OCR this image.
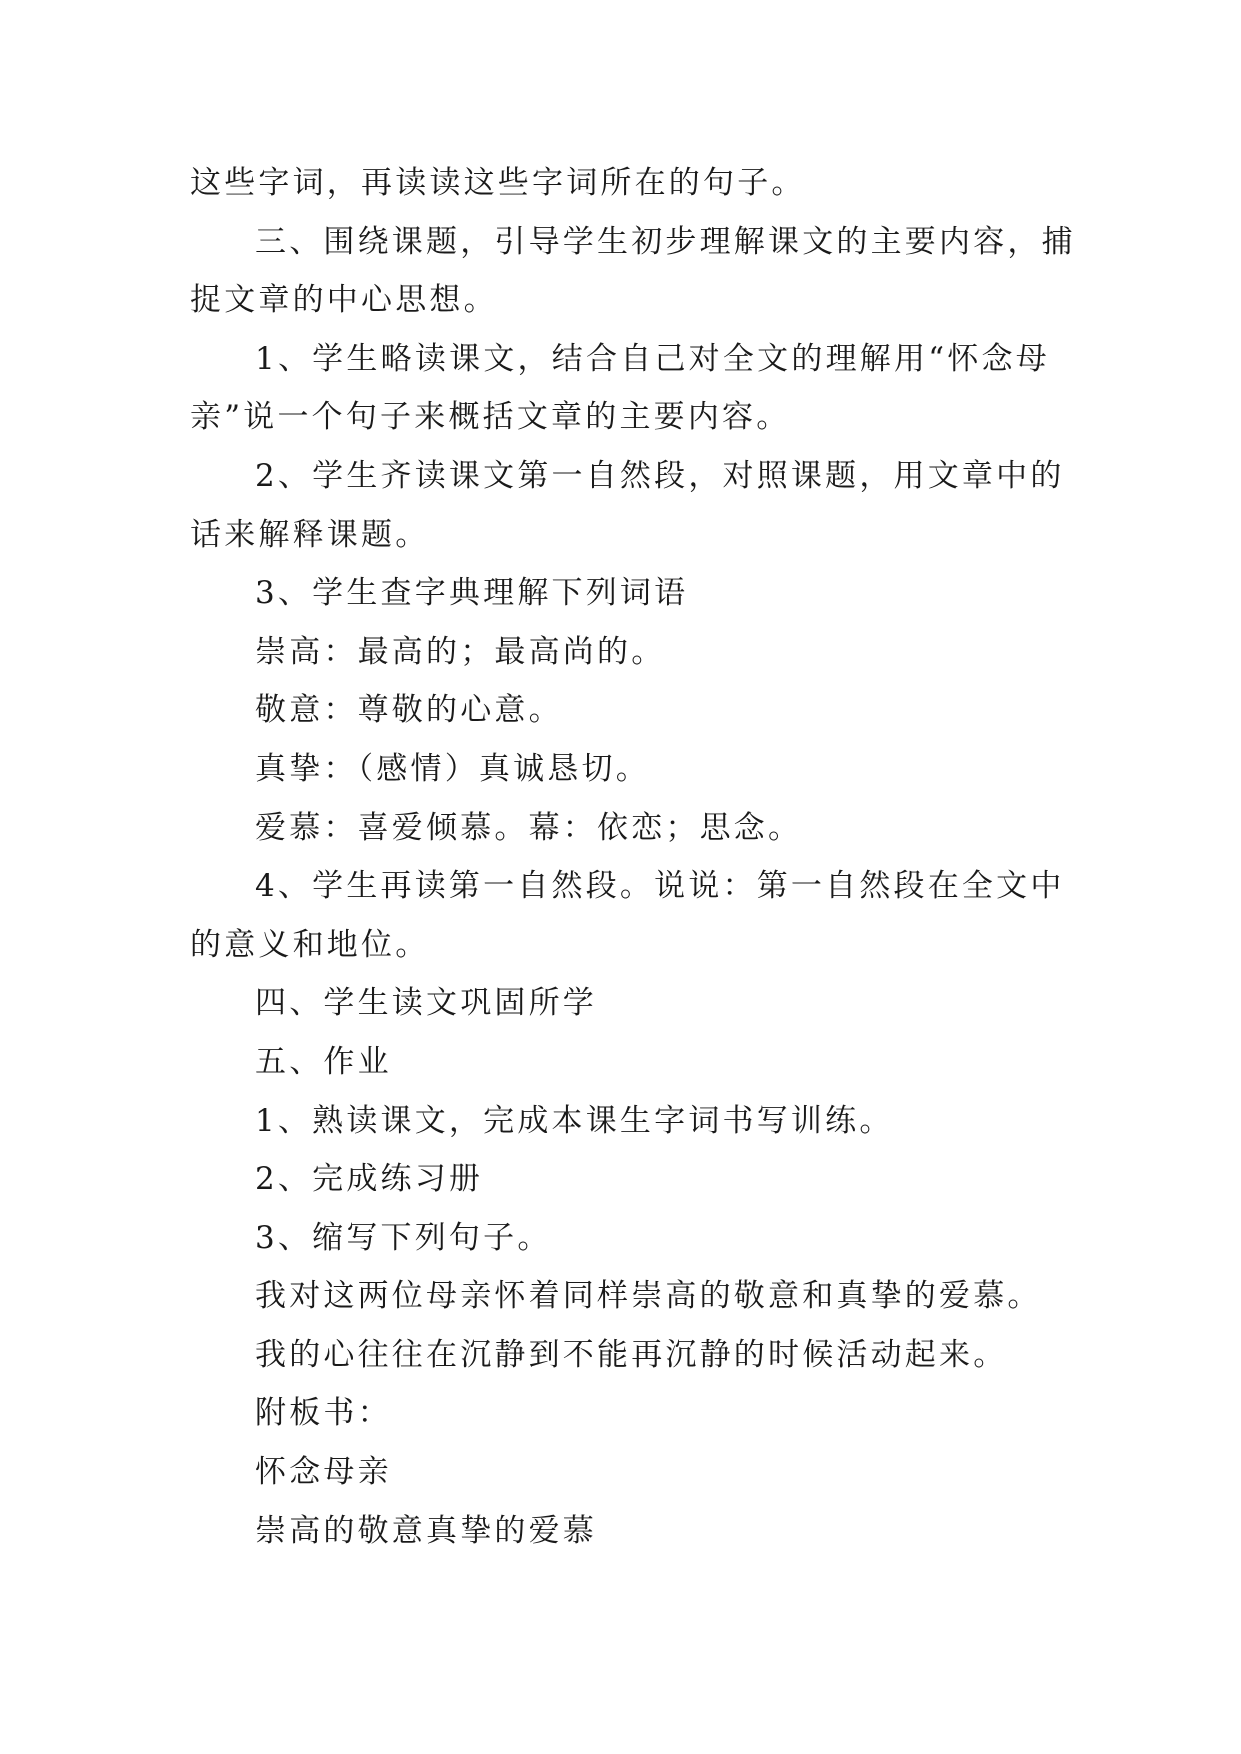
这些字词，再读读这些字词所在的句子。
三、围绕课题，引导学生初步理解课文的主要内容，捕
捉文章的中心思想。
1、学生略读课文，结合自己对全文的理解用“怀念母
亲”说一个句子来概括文章的主要内容。
2、学生齐读课文第一自然段，对照课题，用文章中的
话来解释课题。
3、学生查字典理解下列词语
崇高：最高的；最高尚的。
敬意：尊敬的心意。
真挚：（感情）真诚恳切。
爱慕：喜爱倾慕。幕：依恋；思念。
4、学生再读第一自然段。说说：第一自然段在全文中
的意义和地位。
四、学生读文巩固所学
五、作业
1、熟读课文，完成本课生字词书写训练。
2、完成练习册
3、缩写下列句子。
我对这两位母亲怀着同样崇高的敬意和真挚的爱慕。
我的心往往在沉静到不能再沉静的时候活动起来。
附板书：
怀念母亲
崇高的敬意真挚的爱慕
